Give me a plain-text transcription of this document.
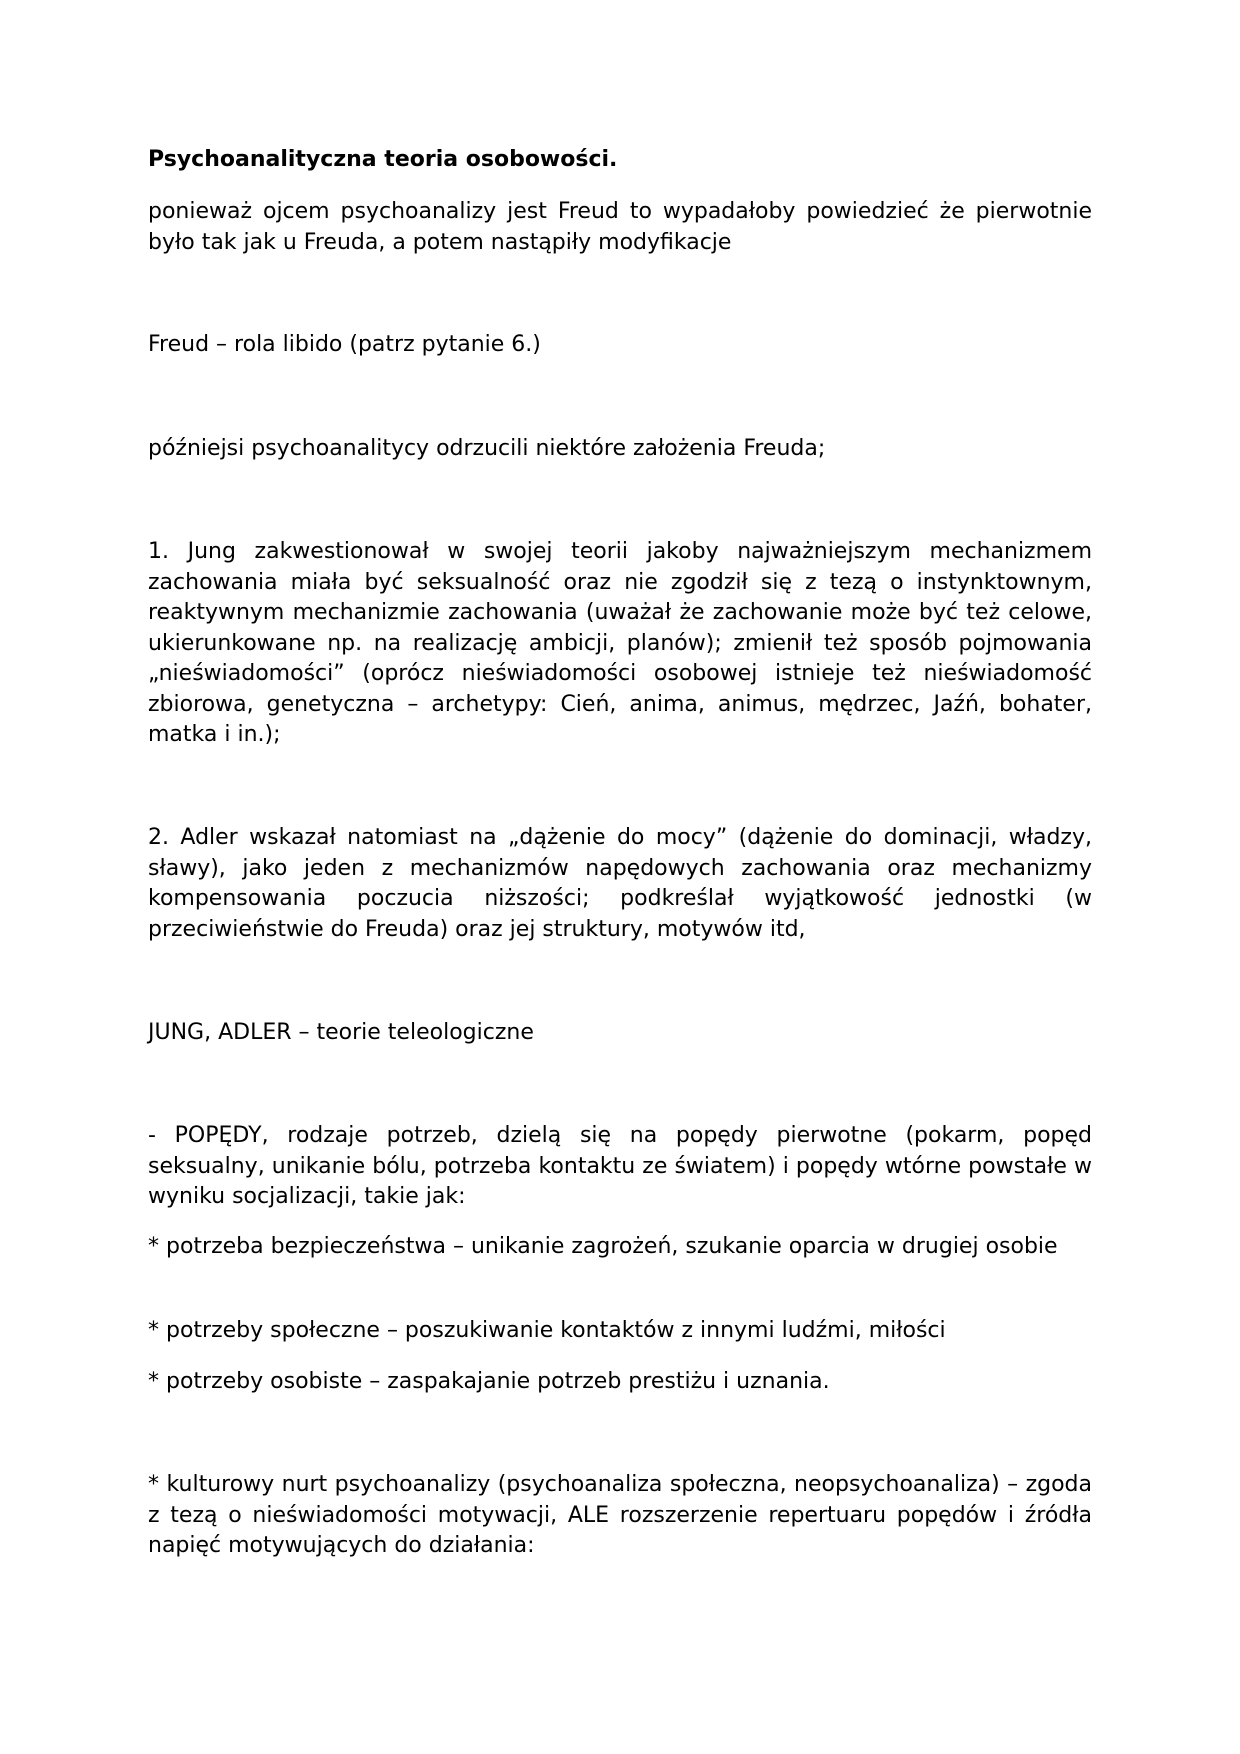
Psychoanalityczna teoria osobowości.

ponieważ ojcem psychoanalizy jest Freud to wypadałoby powiedzieć że pierwotnie było tak jak u Freuda, a potem nastąpiły modyfikacje

Freud – rola libido (patrz pytanie 6.)

późniejsi psychoanalitycy odrzucili niektóre założenia Freuda;

1. Jung zakwestionował w swojej teorii jakoby najważniejszym mechanizmem zachowania miała być seksualność oraz nie zgodził się z tezą o instynktownym, reaktywnym mechanizmie zachowania (uważał że zachowanie może być też celowe, ukierunkowane np. na realizację ambicji, planów); zmienił też sposób pojmowania „nieświadomości” (oprócz nieświadomości osobowej istnieje też nieświadomość zbiorowa, genetyczna – archetypy: Cień, anima, animus, mędrzec, Jaźń, bohater, matka i in.);

2. Adler wskazał natomiast na „dążenie do mocy” (dążenie do dominacji, władzy, sławy), jako jeden z mechanizmów napędowych zachowania oraz mechanizmy kompensowania poczucia niższości; podkreślał wyjątkowość jednostki (w przeciwieństwie do Freuda) oraz jej struktury, motywów itd,

JUNG, ADLER – teorie teleologiczne

- POPĘDY, rodzaje potrzeb, dzielą się na popędy pierwotne (pokarm, popęd seksualny, unikanie bólu, potrzeba kontaktu ze światem) i popędy wtórne powstałe w wyniku socjalizacji, takie jak:

* potrzeba bezpieczeństwa – unikanie zagrożeń, szukanie oparcia w drugiej osobie

* potrzeby społeczne – poszukiwanie kontaktów z innymi ludźmi, miłości

* potrzeby osobiste – zaspakajanie potrzeb prestiżu i uznania.

* kulturowy nurt psychoanalizy (psychoanaliza społeczna, neopsychoanaliza) – zgoda z tezą o nieświadomości motywacji, ALE rozszerzenie repertuaru popędów i źródła napięć motywujących do działania:
